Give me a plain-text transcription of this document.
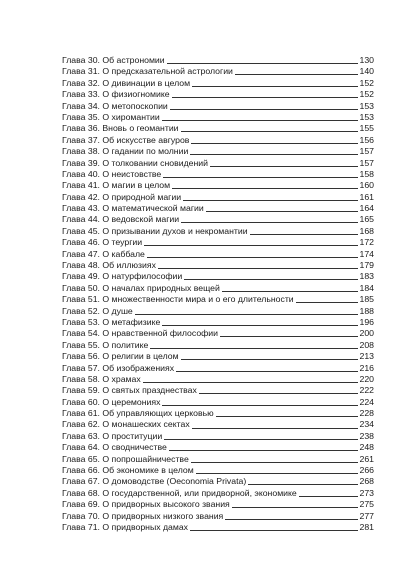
Глава 30. Об астрономии	130
Глава 31. О предсказательной астрологии	140
Глава 32. О дивинации в целом	152
Глава 33. О физиогномике	152
Глава 34. О метопоскопии	153
Глава 35. О хиромантии	153
Глава 36. Вновь о геомантии	155
Глава 37. Об искусстве авгуров	156
Глава 38. О гадании по молнии	157
Глава 39. О толковании сновидений	157
Глава 40. О неистовстве	158
Глава 41. О магии в целом	160
Глава 42. О природной магии	161
Глава 43. О математической магии	164
Глава 44. О ведовской магии	165
Глава 45. О призывании духов и некромантии	168
Глава 46. О теургии	172
Глава 47. О каббале	174
Глава 48. Об иллюзиях	179
Глава 49. О натурфилософии	183
Глава 50. О началах природных вещей	184
Глава 51. О множественности мира и о его длительности	185
Глава 52. О душе	188
Глава 53. О метафизике	196
Глава 54. О нравственной философии	200
Глава 55. О политике	208
Глава 56. О религии в целом	213
Глава 57. Об изображениях	216
Глава 58. О храмах	220
Глава 59. О святых празднествах	222
Глава 60. О церемониях	224
Глава 61. Об управляющих церковью	228
Глава 62. О монашеских сектах	234
Глава 63. О проституции	238
Глава 64. О сводничестве	248
Глава 65. О попрошайничестве	261
Глава 66. Об экономике в целом	266
Глава 67. О домоводстве (Oeconomia Privata)	268
Глава 68. О государственной, или придворной, экономике	273
Глава 69. О придворных высокого звания	275
Глава 70. О придворных низкого звания	277
Глава 71. О придворных дамах	281
